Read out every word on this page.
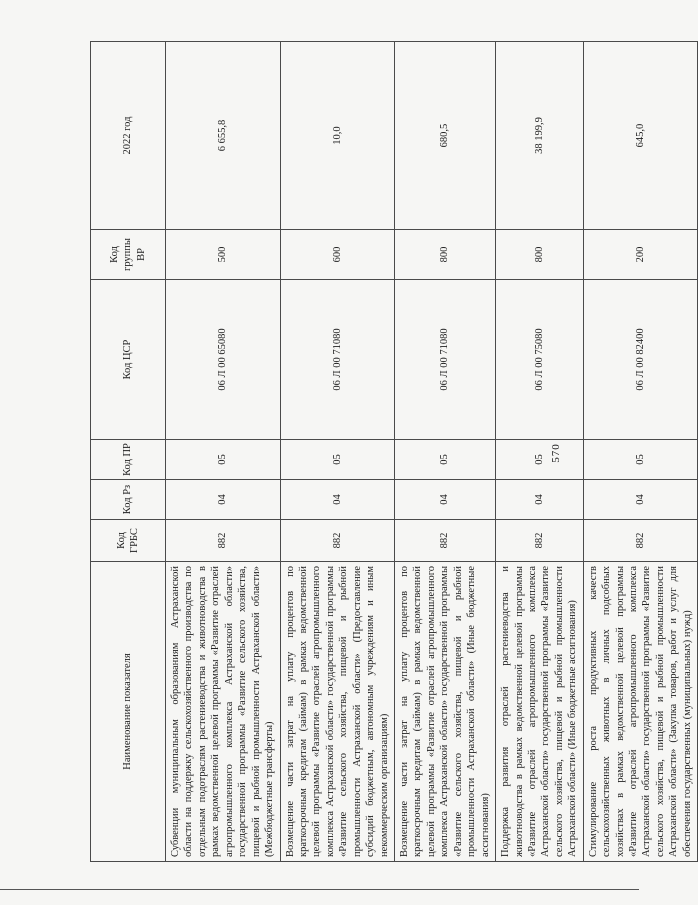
570
Наименование показателя	Код ГРБС	Код Рз	Код ПР	Код ЦСР	Код группы ВР	2022 год
Субвенции муниципальным образованиям Астраханской области на поддержку сельскохозяйственного производства по отдельным подотраслям растениеводства и животноводства в рамках ведомственной целевой программы «Развитие отраслей агропромышленного комплекса Астраханской области» государственной программы «Развитие сельского хозяйства, пищевой и рыбной промышленности Астраханской области» (Межбюджетные трансферты)	882	04	05	06 Л 00 65080	500	6 655,8
Возмещение части затрат на уплату процентов по краткосрочным кредитам (займам) в рамках ведомственной целевой программы «Развитие отраслей агропромышленного комплекса Астраханской области» государственной программы «Развитие сельского хозяйства, пищевой и рыбной промышленности Астраханской области» (Предоставление субсидий бюджетным, автономным учреждениям и иным некоммерческим организациям)	882	04	05	06 Л 00 71080	600	10,0
Возмещение части затрат на уплату процентов по краткосрочным кредитам (займам) в рамках ведомственной целевой программы «Развитие отраслей агропромышленного комплекса Астраханской области» государственной программы «Развитие сельского хозяйства, пищевой и рыбной промышленности Астраханской области» (Иные бюджетные ассигнования)	882	04	05	06 Л 00 71080	800	680,5
Поддержка развития отраслей растениеводства и животноводства в рамках ведомственной целевой программы «Развитие отраслей агропромышленного комплекса Астраханской области» государственной программы «Развитие сельского хозяйства, пищевой и рыбной промышленности Астраханской области» (Иные бюджетные ассигнования)	882	04	05	06 Л 00 75080	800	38 199,9
Стимулирование роста продуктивных качеств сельскохозяйственных животных в личных подсобных хозяйствах в рамках ведомственной целевой программы «Развитие отраслей агропромышленного комплекса Астраханской области» государственной программы «Развитие сельского хозяйства, пищевой и рыбной промышленности Астраханской области» (Закупка товаров, работ и услуг для обеспечения государственных (муниципальных) нужд)	882	04	05	06 Л 00 82400	200	645,0
